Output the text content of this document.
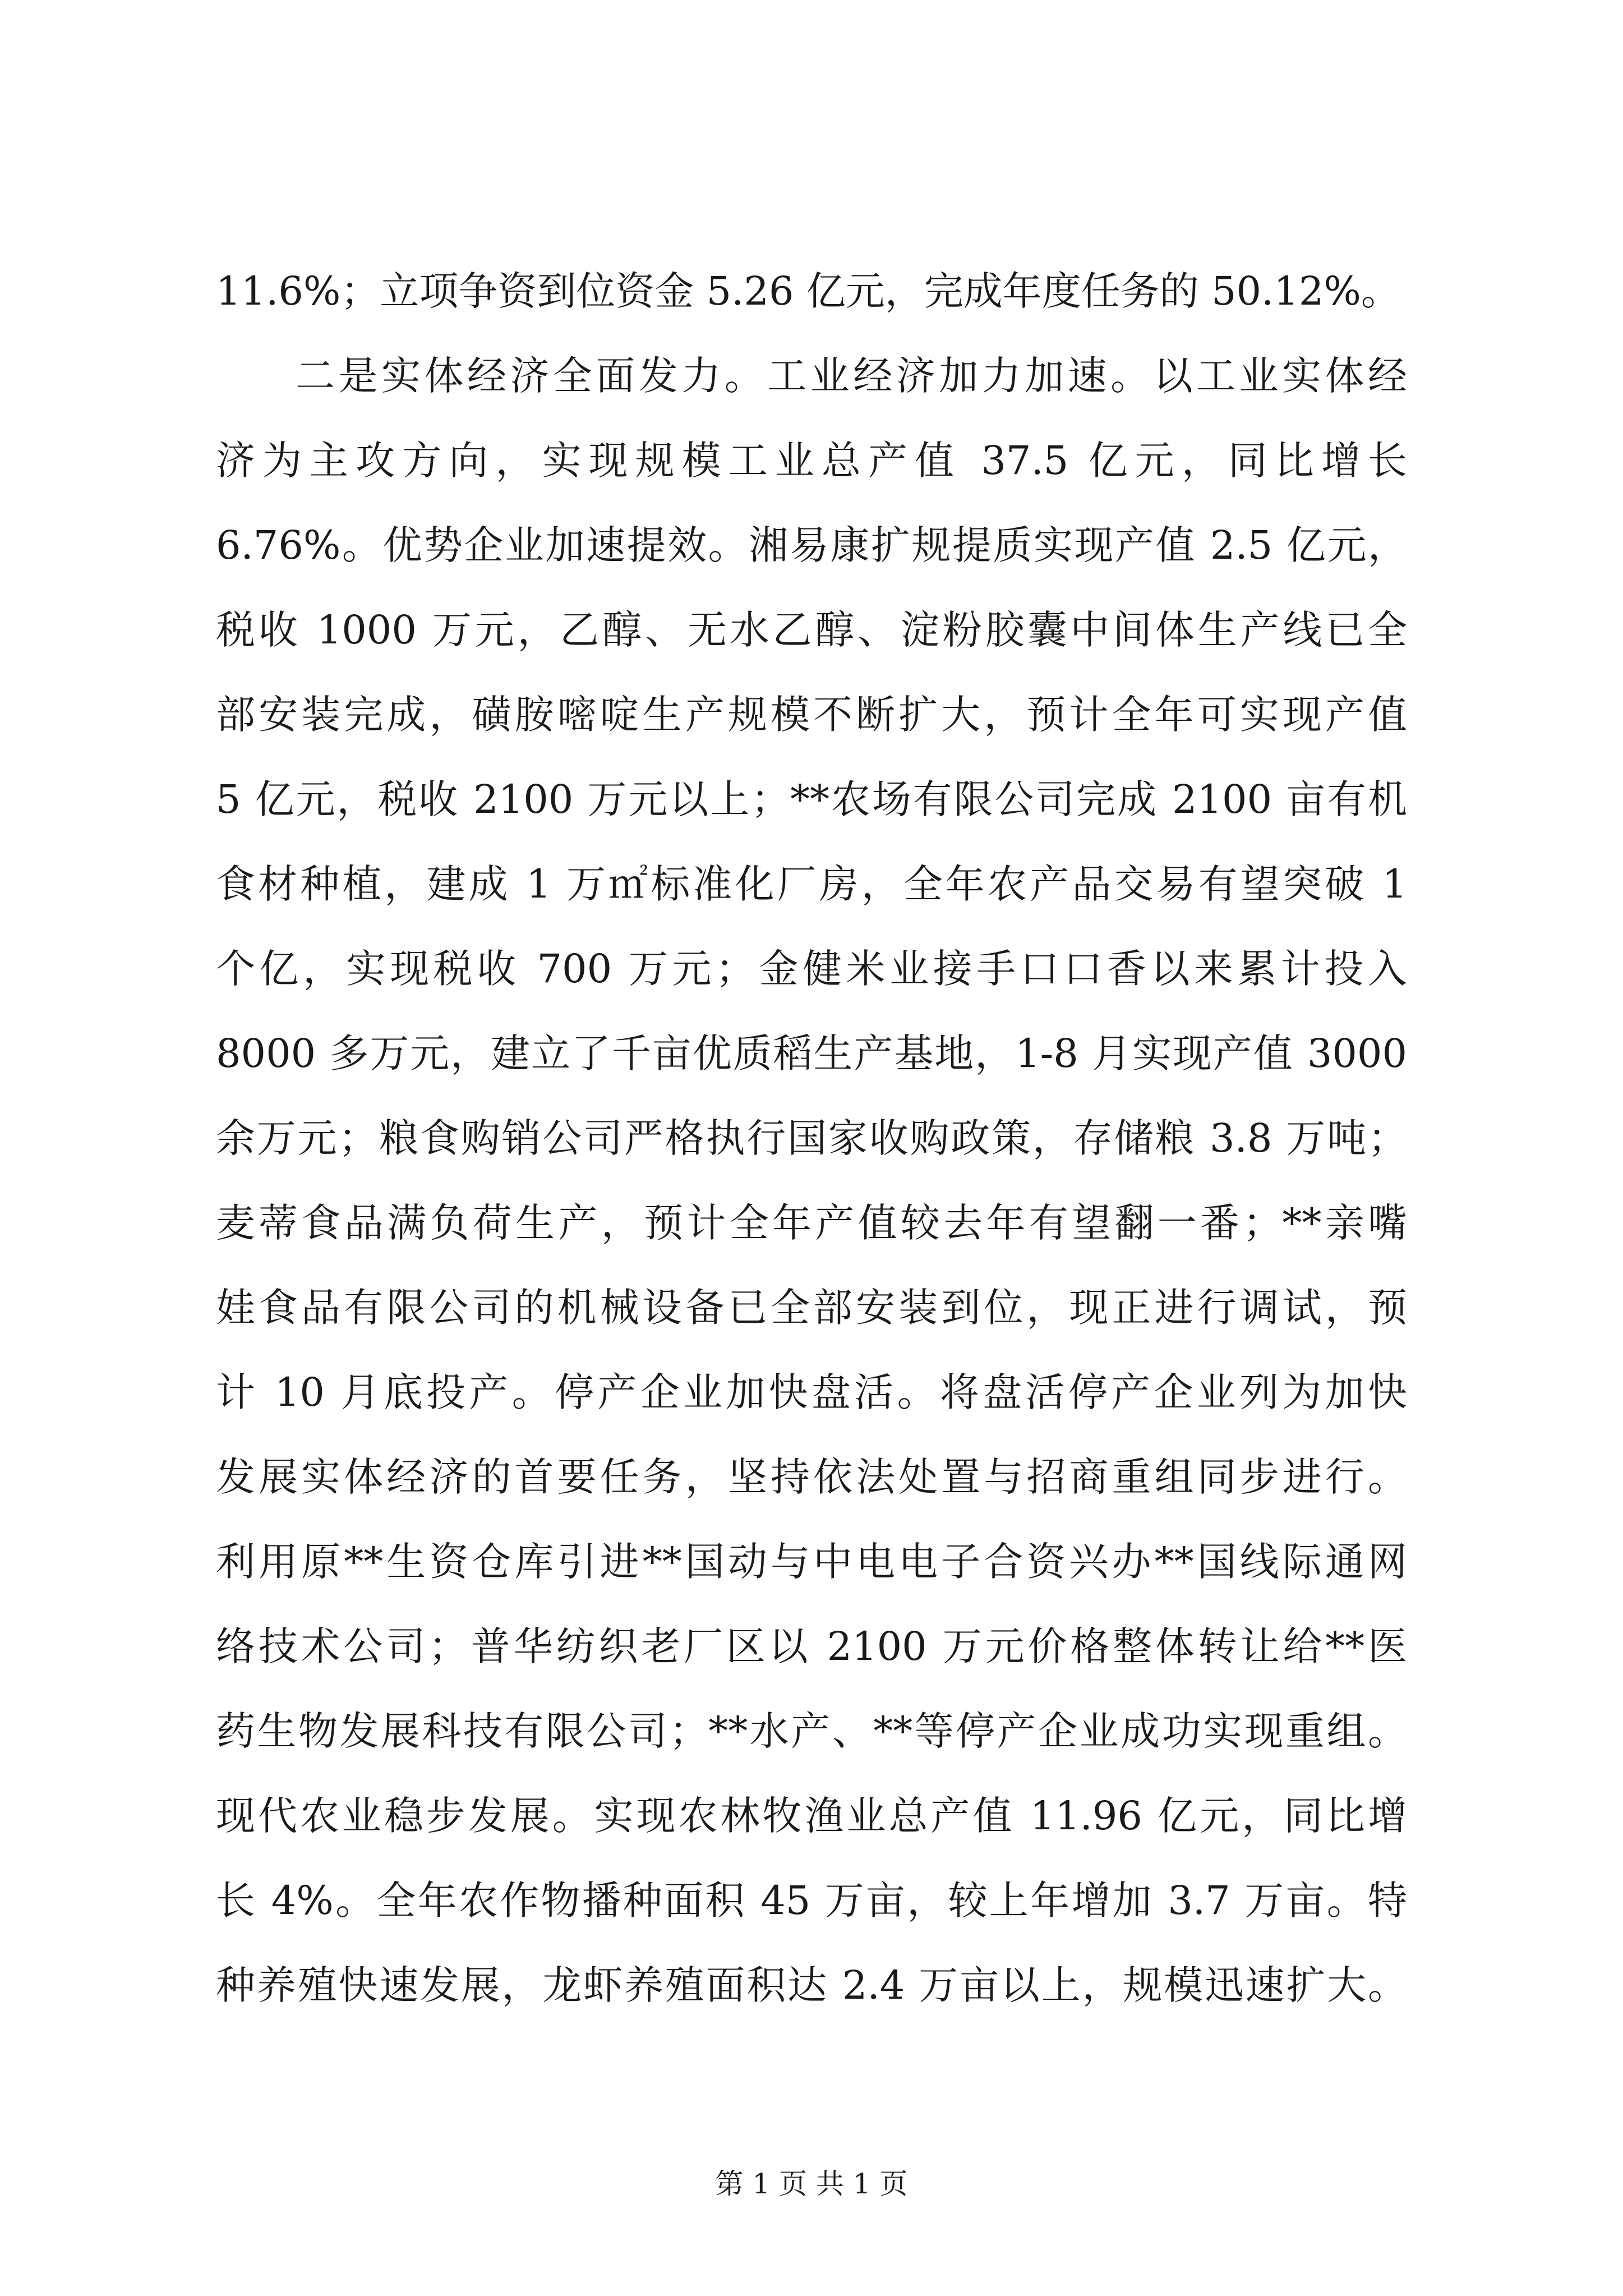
11.6%；立项争资到位资金 5.26 亿元，完成年度任务的 50.12%。
二是实体经济全面发力。工业经济加力加速。以工业实体经
济为主攻方向，实现规模工业总产值 37.5 亿元，同比增长
6.76%。优势企业加速提效。湘易康扩规提质实现产值 2.5 亿元，
税收 1000 万元，乙醇、无水乙醇、淀粉胶囊中间体生产线已全
部安装完成，磺胺嘧啶生产规模不断扩大，预计全年可实现产值
5 亿元，税收 2100 万元以上；**农场有限公司完成 2100 亩有机
食材种植，建成 1 万㎡标准化厂房，全年农产品交易有望突破 1
个亿，实现税收 700 万元；金健米业接手口口香以来累计投入
8000 多万元，建立了千亩优质稻生产基地，1-8 月实现产值 3000
余万元；粮食购销公司严格执行国家收购政策，存储粮 3.8 万吨；
麦蒂食品满负荷生产，预计全年产值较去年有望翻一番；**亲嘴
娃食品有限公司的机械设备已全部安装到位，现正进行调试，预
计 10 月底投产。停产企业加快盘活。将盘活停产企业列为加快
发展实体经济的首要任务，坚持依法处置与招商重组同步进行。
利用原**生资仓库引进**国动与中电电子合资兴办**国线际通网
络技术公司；普华纺织老厂区以 2100 万元价格整体转让给**医
药生物发展科技有限公司；**水产、**等停产企业成功实现重组。
现代农业稳步发展。实现农林牧渔业总产值 11.96 亿元，同比增
长 4%。全年农作物播种面积 45 万亩，较上年增加 3.7 万亩。特
种养殖快速发展，龙虾养殖面积达 2.4 万亩以上，规模迅速扩大。
第 1 页 共 1 页
